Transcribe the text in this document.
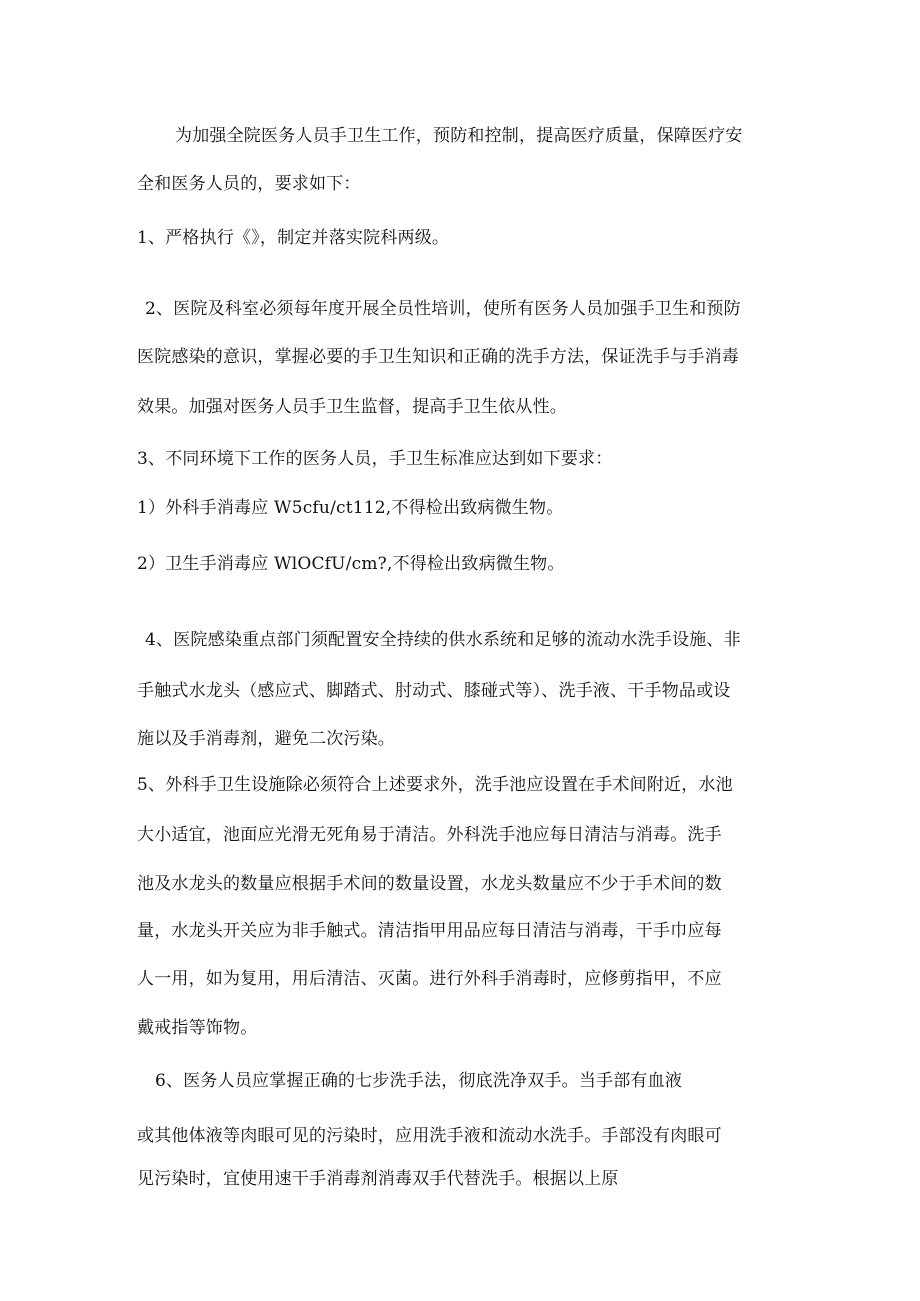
为加强全院医务人员手卫生工作，预防和控制，提高医疗质量，保障医疗安
全和医务人员的，要求如下：
1、严格执行《》，制定并落实院科两级。
2、医院及科室必须每年度开展全员性培训，使所有医务人员加强手卫生和预防
医院感染的意识，掌握必要的手卫生知识和正确的洗手方法，保证洗手与手消毒
效果。加强对医务人员手卫生监督，提高手卫生依从性。
3、不同环境下工作的医务人员，手卫生标准应达到如下要求：
1）外科手消毒应 W5cfu∕ct112,不得检出致病微生物。
2）卫生手消毒应 WlOCfU/cm?,不得检出致病微生物。
4、医院感染重点部门须配置安全持续的供水系统和足够的流动水洗手设施、非
手触式水龙头（感应式、脚踏式、肘动式、膝碰式等）、洗手液、干手物品或设
施以及手消毒剂，避免二次污染。
5、外科手卫生设施除必须符合上述要求外，洗手池应设置在手术间附近，水池
大小适宜，池面应光滑无死角易于清洁。外科洗手池应每日清洁与消毒。洗手
池及水龙头的数量应根据手术间的数量设置，水龙头数量应不少于手术间的数
量，水龙头开关应为非手触式。清洁指甲用品应每日清洁与消毒，干手巾应每
人一用，如为复用，用后清洁、灭菌。进行外科手消毒时，应修剪指甲，不应
戴戒指等饰物。
6、医务人员应掌握正确的七步洗手法，彻底洗净双手。当手部有血液
或其他体液等肉眼可见的污染时，应用洗手液和流动水洗手。手部没有肉眼可
见污染时，宜使用速干手消毒剂消毒双手代替洗手。根据以上原
